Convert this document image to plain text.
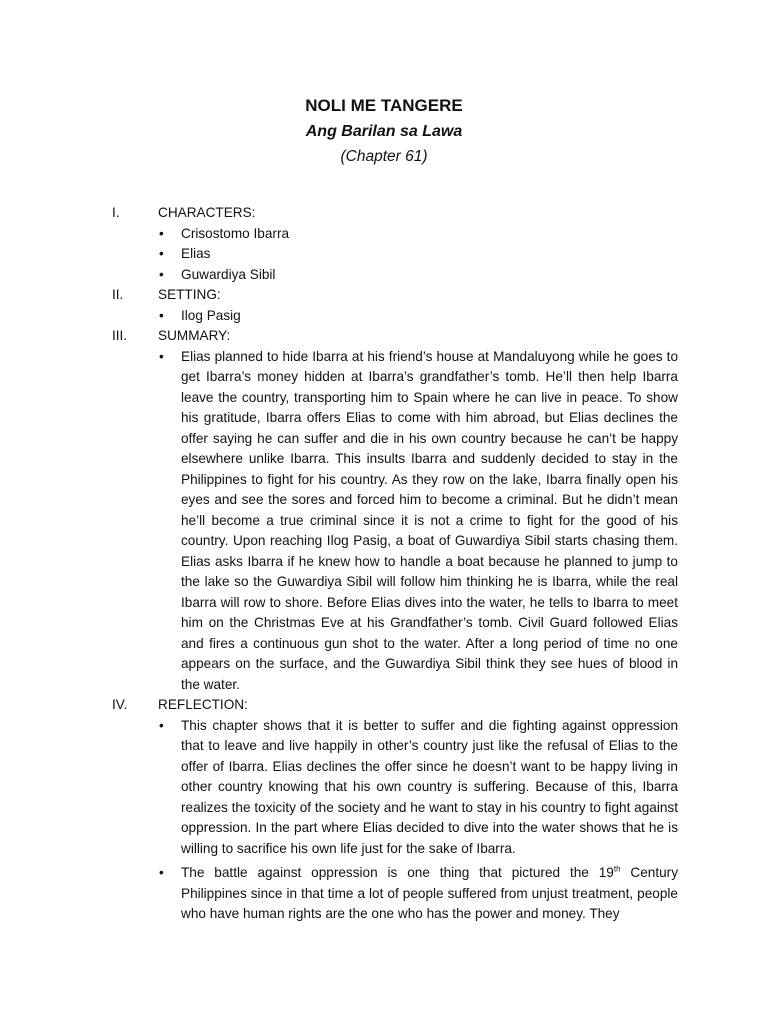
NOLI ME TANGERE
Ang Barilan sa Lawa
(Chapter 61)
I.	CHARACTERS:
• Crisostomo Ibarra
• Elias
• Guwardiya Sibil
II.	SETTING:
• Ilog Pasig
III. SUMMARY:
• Elias planned to hide Ibarra at his friend’s house at Mandaluyong while he goes to get Ibarra’s money hidden at Ibarra’s grandfather’s tomb. He’ll then help Ibarra leave the country, transporting him to Spain where he can live in peace. To show his gratitude, Ibarra offers Elias to come with him abroad, but Elias declines the offer saying he can suffer and die in his own country because he can’t be happy elsewhere unlike Ibarra. This insults Ibarra and suddenly decided to stay in the Philippines to fight for his country. As they row on the lake, Ibarra finally open his eyes and see the sores and forced him to become a criminal. But he didn’t mean he’ll become a true criminal since it is not a crime to fight for the good of his country. Upon reaching Ilog Pasig, a boat of Guwardiya Sibil starts chasing them. Elias asks Ibarra if he knew how to handle a boat because he planned to jump to the lake so the Guwardiya Sibil will follow him thinking he is Ibarra, while the real Ibarra will row to shore. Before Elias dives into the water, he tells to Ibarra to meet him on the Christmas Eve at his Grandfather’s tomb. Civil Guard followed Elias and fires a continuous gun shot to the water. After a long period of time no one appears on the surface, and the Guwardiya Sibil think they see hues of blood in the water.
IV. REFLECTION:
• This chapter shows that it is better to suffer and die fighting against oppression that to leave and live happily in other’s country just like the refusal of Elias to the offer of Ibarra. Elias declines the offer since he doesn’t want to be happy living in other country knowing that his own country is suffering. Because of this, Ibarra realizes the toxicity of the society and he want to stay in his country to fight against oppression. In the part where Elias decided to dive into the water shows that he is willing to sacrifice his own life just for the sake of Ibarra.
• The battle against oppression is one thing that pictured the 19th Century Philippines since in that time a lot of people suffered from unjust treatment, people who have human rights are the one who has the power and money. They
